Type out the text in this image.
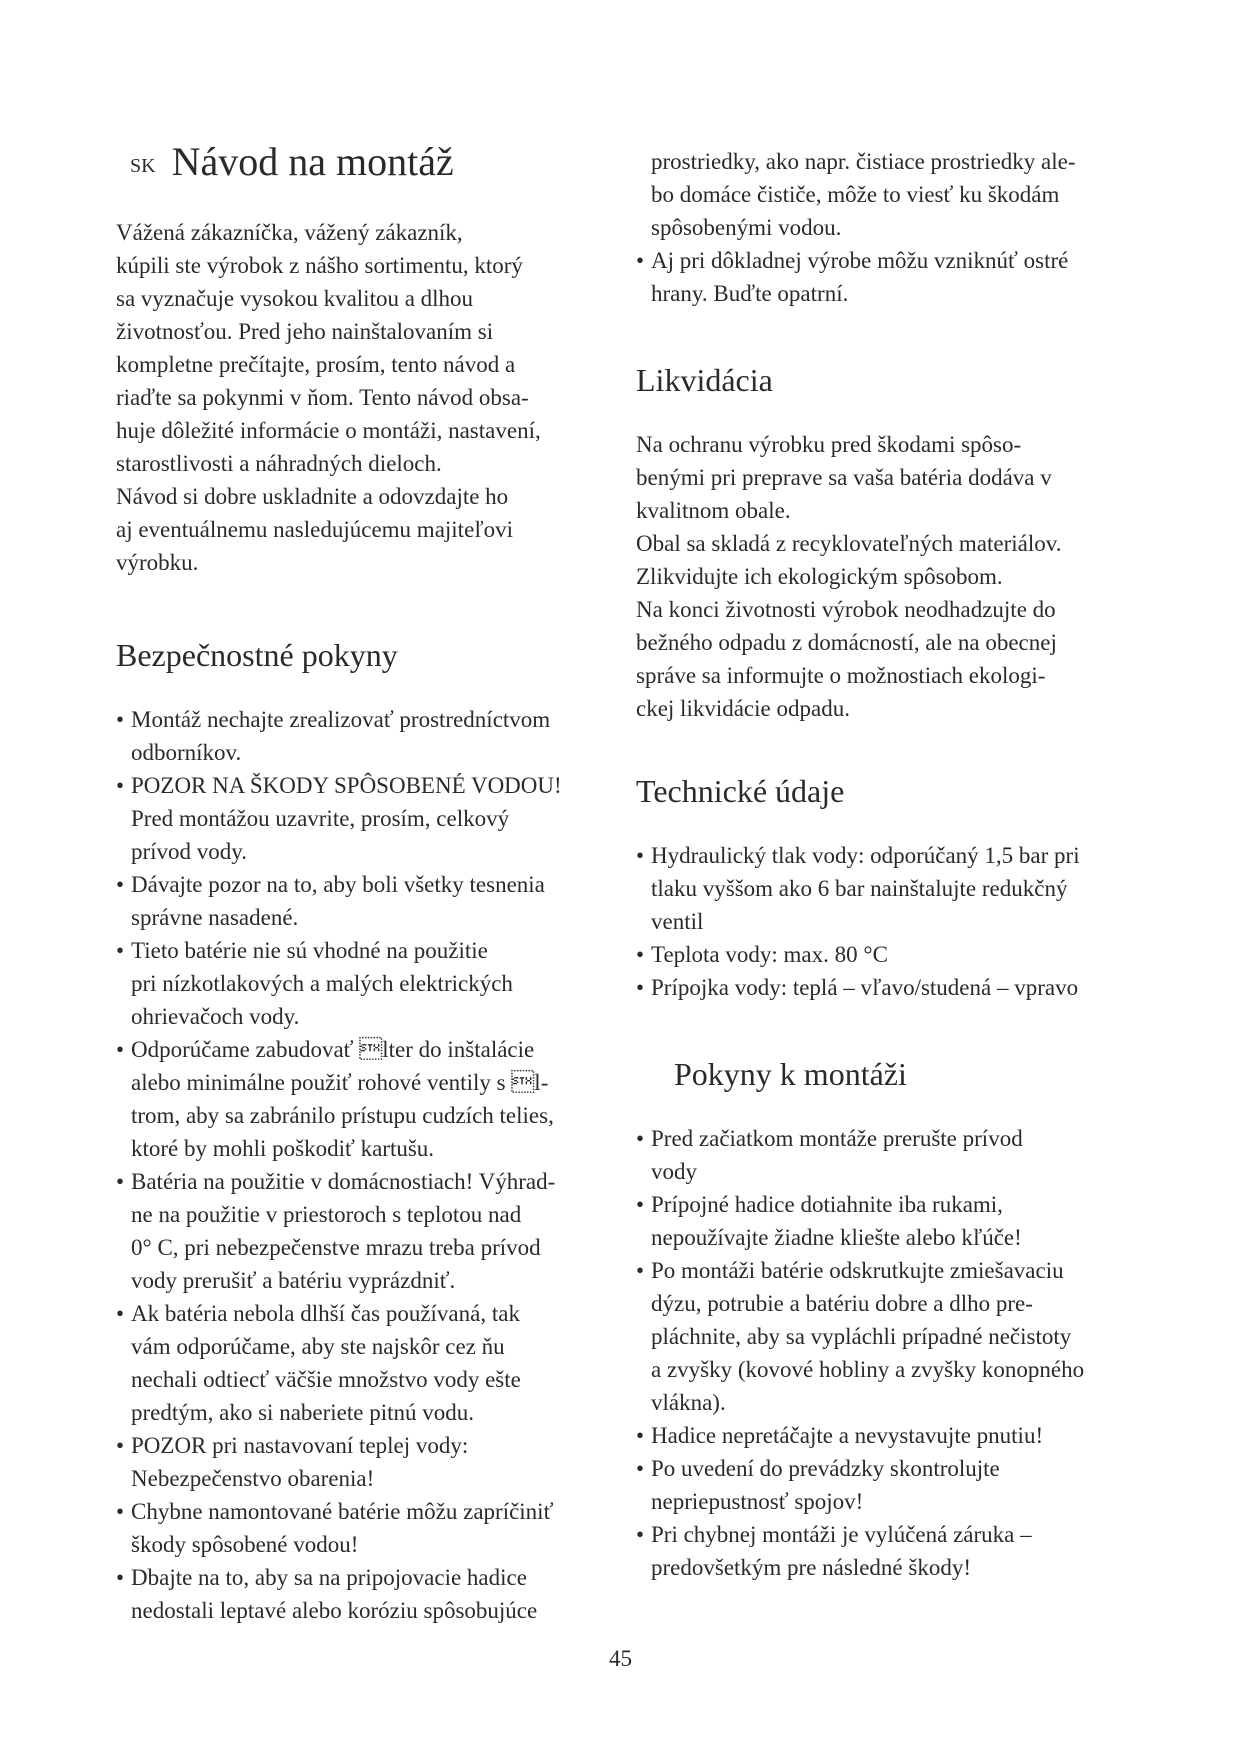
$^{SK}$ Návod na montáž

Vážená zákazníčka, vážený zákazník,

kúpili ste výrobok z nášho sortimentu, ktorý

sa vyznačuje vysokou kvalitou a dlhou

životnosťou. Pred jeho nainštalovaním si

kompletne prečítajte, prosím, tento návod a

riaďte sa pokynmi v ňom. Tento návod obsa-

huje dôležité informácie o montáži, nastavení,

starostlivosti a náhradných dieloch.

Návod si dobre uskladnite a odovzdajte ho

aj eventuálnemu nasledujúcemu majiteľovi

výrobku.

Bezpečnostné pokyny
• Montáž nechajte zrealizovať prostredníctvom
odborníkov.
• POZOR NA ŠKODY SPÔSOBENÉ VODOU!
Pred montážou uzavrite, prosím, celkový
prívod vody.
• Dávajte pozor na to, aby boli všetky tesnenia
správne nasadené.
• Tieto batérie nie sú vhodné na použitie
pri nízkotlakových a malých elektrických
ohrievačoch vody.
• Odporúčame zabudovať lter do inštalácie
alebo minimálne použiť rohové ventily s l-
trom, aby sa zabránilo prístupu cudzích telies,
ktoré by mohli poškodiť kartušu.
• Batéria na použitie v domácnostiach! Výhrad-
ne na použitie v priestoroch s teplotou nad
0° C, pri nebezpečenstve mrazu treba prívod
vody prerušiť a batériu vyprázdniť.
• Ak batéria nebola dlhší čas používaná, tak
vám odporúčame, aby ste najskôr cez ňu
nechali odtiecť väčšie množstvo vody ešte
predtým, ako si naberiete pitnú vodu.
• POZOR pri nastavovaní teplej vody:
Nebezpečenstvo obarenia!
• Chybne namontované batérie môžu zapríčiniť
škody spôsobené vodou!
• Dbajte na to, aby sa na pripojovacie hadice
nedostali leptavé alebo koróziu spôsobujúce

prostriedky, ako napr. čistiace prostriedky ale-

bo domáce čističe, môže to viesť ku škodám

spôsobenými vodou.

• Aj pri dôkladnej výrobe môžu vzniknúť ostré
hrany. Buďte opatrní.
Likvidácia

Na ochranu výrobku pred škodami spôso-

benými pri preprave sa vaša batéria dodáva v

kvalitnom obale.

Obal sa skladá z recyklovateľných materiálov.

Zlikvidujte ich ekologickým spôsobom.

Na konci životnosti výrobok neodhadzujte do

bežného odpadu z domácností, ale na obecnej

správe sa informujte o možnostiach ekologi-

ckej likvidácie odpadu.

Technické údaje
• Hydraulický tlak vody: odporúčaný 1,5 bar pri
tlaku vyššom ako 6 bar nainštalujte redukčný
ventil
• Teplota vody: max. 80 °C
• Prípojka vody: teplá – vľavo/studená – vpravo
Pokyny k montáži
• Pred začiatkom montáže prerušte prívod
vody
• Prípojné hadice dotiahnite iba rukami,
nepoužívajte žiadne kliešte alebo kľúče!
• Po montáži batérie odskrutkujte zmiešavaciu
dýzu, potrubie a batériu dobre a dlho pre-
pláchnite, aby sa vypláchli prípadné nečistoty
a zvyšky (kovové hobliny a zvyšky konopného
vlákna).
• Hadice nepretáčajte a nevystavujte pnutiu!
• Po uvedení do prevádzky skontrolujte
nepriepustnosť spojov!
• Pri chybnej montáži je vylúčená záruka –
predovšetkým pre následné škody!
45
